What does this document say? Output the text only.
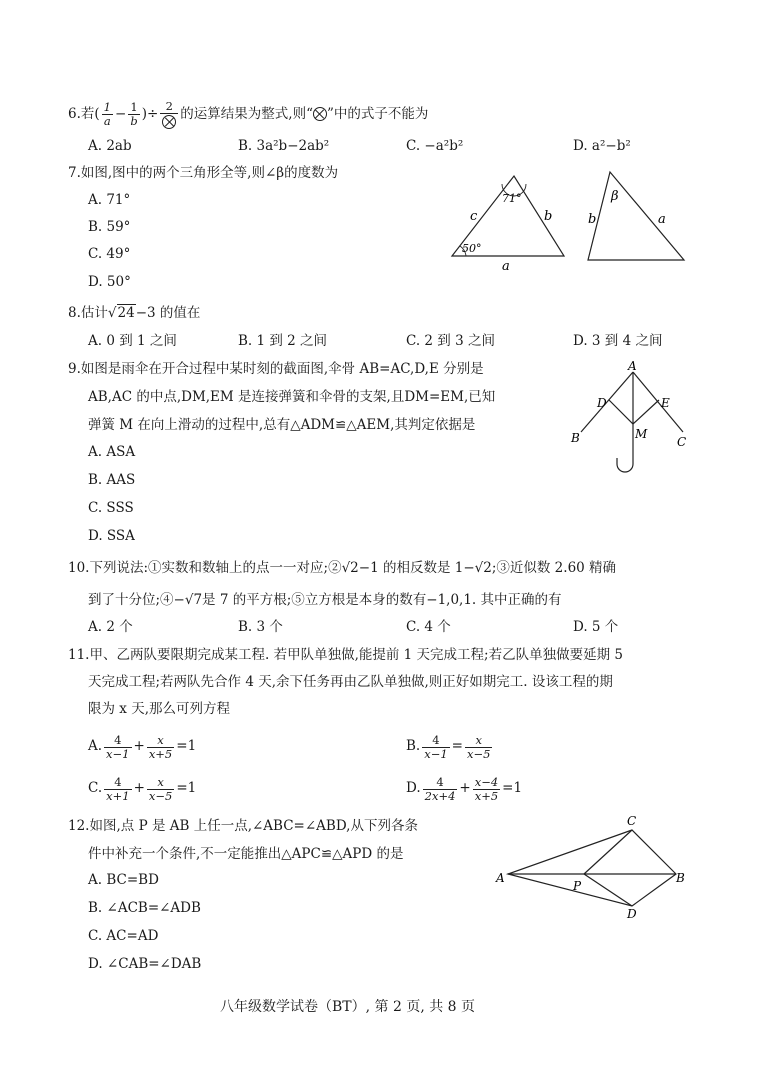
6. 若( $\frac{1}{a} - \frac{1}{b}$ )÷ 2 的运算结果为整式,则“ ”中的式子不能为
A. 2ab	B. 3a²b−2ab²	C. −a²b²	D. a²−b²
7.如图,图中的两个三角形全等,则∠β的度数为
A. 71°
B. 59°
C. 49°
D. 50°
71°
50°
c	b
a
β
b	a
8.估计√24−3 的值在
A. 0 到 1 之间	B. 1 到 2 之间	C. 2 到 3 之间	D. 3 到 4 之间
9.如图是雨伞在开合过程中某时刻的截面图,伞骨 AB=AC,D,E 分别是
AB,AC 的中点,DM,EM 是连接弹簧和伞骨的支架,且DM=EM,已知
弹簧 M 在向上滑动的过程中,总有△ADM≌△AEM,其判定依据是
A. ASA
B. AAS
C. SSS
D. SSA
A
D	E
B	M
C
10.下列说法:①实数和数轴上的点一一对应;②√2−1 的相反数是 1−√2;③近似数 2.60 精确
到了十分位;④−√7是 7 的平方根;⑤立方根是本身的数有−1,0,1. 其中正确的有
A. 2 个	B. 3 个	C. 4 个	D. 5 个
11.甲、乙两队要限期完成某工程. 若甲队单独做,能提前 1 天完成工程;若乙队单独做要延期 5
天完成工程;若两队先合作 4 天,余下任务再由乙队单独做,则正好如期完工. 设该工程的期
限为 x 天,那么可列方程
A. $\frac{4}{x-1} + \frac{x}{x+5} =1$	B. $\frac{4}{x-1} = \frac{x}{x-5}$
C. $\frac{4}{x+1} + \frac{x}{x-5} =1$	D. $\frac{4}{2x+4} + \frac{x-4}{x+5} =1$
12.如图,点 P 是 AB 上任一点,∠ABC=∠ABD,从下列各条
件中补充一个条件,不一定能推出△APC≌△APD 的是
A. BC=BD
B. ∠ACB=∠ADB
C. AC=AD
D. ∠CAB=∠DAB
A
P
B
C
D
八年级数学试卷（BT）, 第 2 页, 共 8 页
